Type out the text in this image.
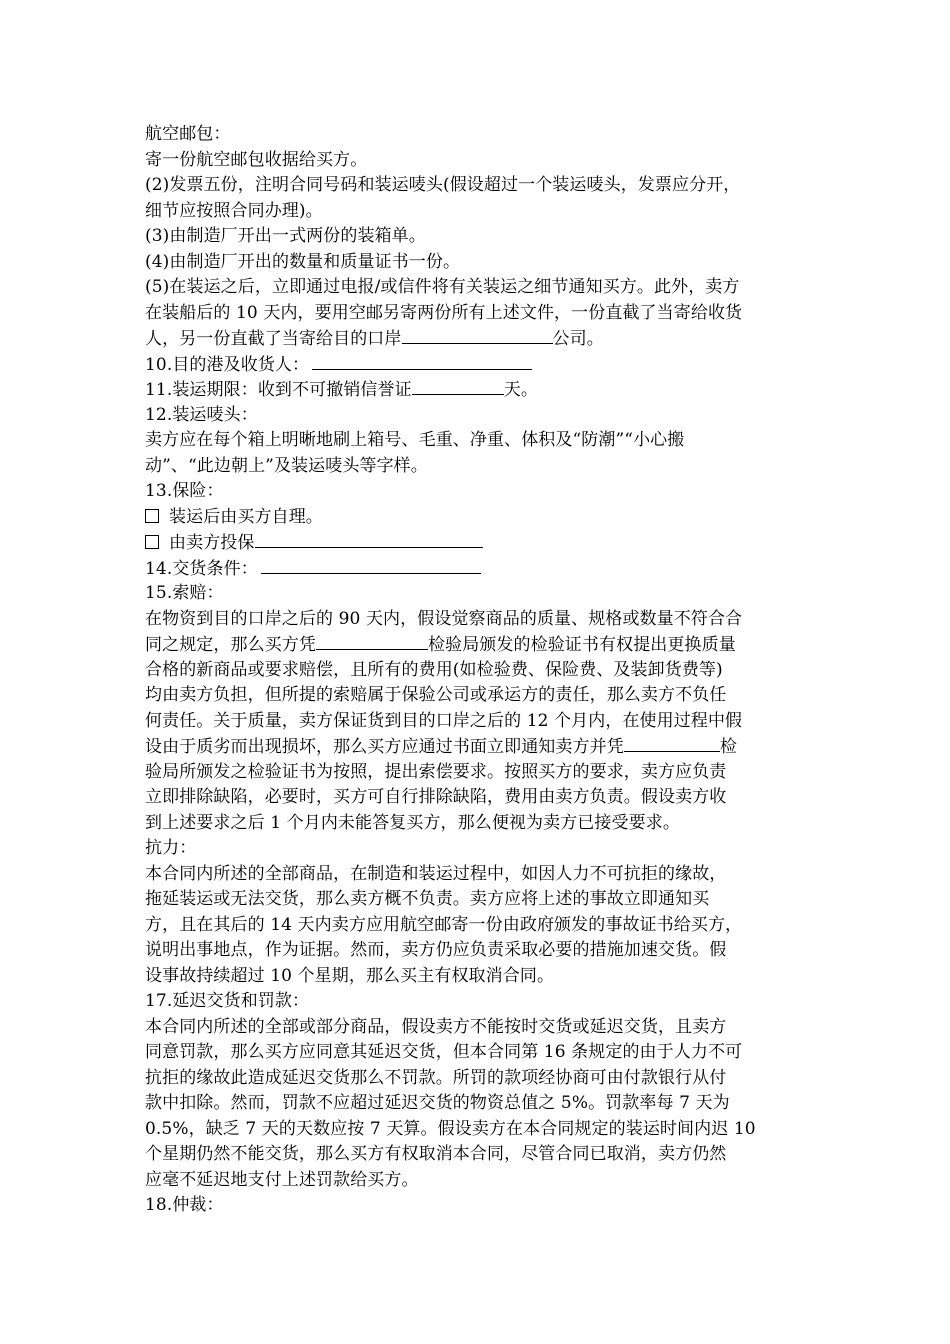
航空邮包：
寄一份航空邮包收据给买方。
(2)发票五份，注明合同号码和装运唛头(假设超过一个装运唛头，发票应分开，
细节应按照合同办理)。
(3)由制造厂开出一式两份的装箱单。
(4)由制造厂开出的数量和质量证书一份。
(5)在装运之后，立即通过电报/或信件将有关装运之细节通知买方。此外，卖方
在装船后的 10 天内，要用空邮另寄两份所有上述文件，一份直截了当寄给收货
人，另一份直截了当寄给目的口岸	公司。
10.目的港及收货人：
11.装运期限：收到不可撤销信誉证	天。
12.装运唛头：
卖方应在每个箱上明晰地刷上箱号、毛重、净重、体积及“防潮”“小心搬
动”、“此边朝上”及装运唛头等字样。
13.保险：
装运后由买方自理。
由卖方投保
14.交货条件：
15.索赔：
在物资到目的口岸之后的 90 天内，假设觉察商品的质量、规格或数量不符合合
同之规定，那么买方凭	检验局颁发的检验证书有权提出更换质量
合格的新商品或要求赔偿，且所有的费用(如检验费、保险费、及装卸货费等)
均由卖方负担，但所提的索赔属于保验公司或承运方的责任，那么卖方不负任
何责任。关于质量，卖方保证货到目的口岸之后的 12 个月内，在使用过程中假
设由于质劣而出现损坏，那么买方应通过书面立即通知卖方并凭	检
验局所颁发之检验证书为按照，提出索偿要求。按照买方的要求，卖方应负责
立即排除缺陷，必要时，买方可自行排除缺陷，费用由卖方负责。假设卖方收
到上述要求之后 1 个月内未能答复买方，那么便视为卖方已接受要求。
抗力：
本合同内所述的全部商品，在制造和装运过程中，如因人力不可抗拒的缘故，
拖延装运或无法交货，那么卖方概不负责。卖方应将上述的事故立即通知买
方，且在其后的 14 天内卖方应用航空邮寄一份由政府颁发的事故证书给买方，
说明出事地点，作为证据。然而，卖方仍应负责采取必要的措施加速交货。假
设事故持续超过 10 个星期，那么买主有权取消合同。
17.延迟交货和罚款：
本合同内所述的全部或部分商品，假设卖方不能按时交货或延迟交货，且卖方
同意罚款，那么买方应同意其延迟交货，但本合同第 16 条规定的由于人力不可
抗拒的缘故此造成延迟交货那么不罚款。所罚的款项经协商可由付款银行从付
款中扣除。然而，罚款不应超过延迟交货的物资总值之 5%。罚款率每 7 天为
0.5%，缺乏 7 天的天数应按 7 天算。假设卖方在本合同规定的装运时间内迟 10
个星期仍然不能交货，那么买方有权取消本合同，尽管合同已取消，卖方仍然
应毫不延迟地支付上述罚款给买方。
18.仲裁：
